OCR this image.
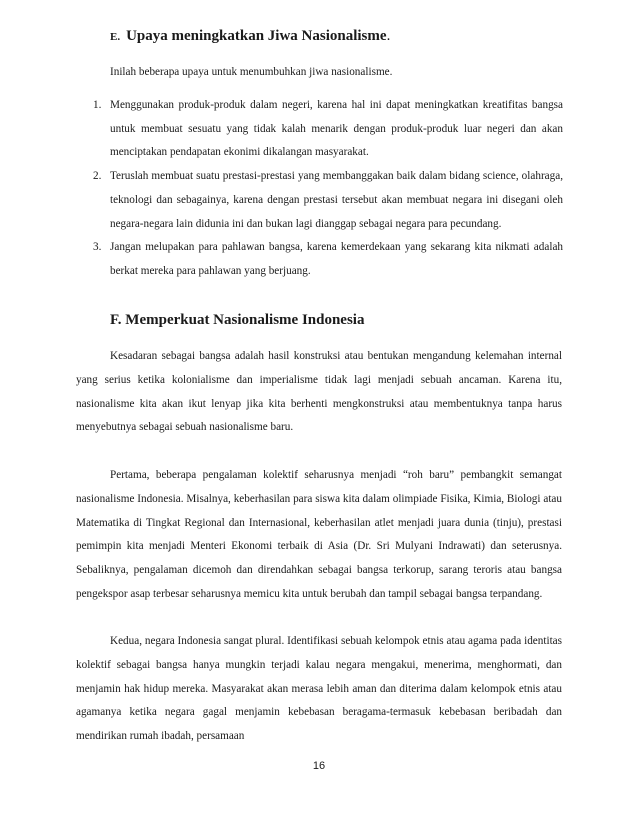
E. Upaya meningkatkan Jiwa Nasionalisme.
Inilah beberapa upaya untuk menumbuhkan jiwa nasionalisme.
1. Menggunakan produk-produk dalam negeri, karena hal ini dapat meningkatkan kreatifitas bangsa untuk membuat sesuatu yang tidak kalah menarik dengan produk-produk luar negeri dan akan menciptakan pendapatan ekonimi dikalangan masyarakat.
2. Teruslah membuat suatu prestasi-prestasi yang membanggakan baik dalam bidang science, olahraga, teknologi dan sebagainya, karena dengan prestasi tersebut akan membuat negara ini disegani oleh negara-negara lain didunia ini dan bukan lagi dianggap sebagai negara para pecundang.
3. Jangan melupakan para pahlawan bangsa, karena kemerdekaan yang sekarang kita nikmati adalah berkat mereka para pahlawan yang berjuang.
F. Memperkuat Nasionalisme Indonesia

Kesadaran sebagai bangsa adalah hasil konstruksi atau bentukan mengandung kelemahan internal yang serius ketika kolonialisme dan imperialisme tidak lagi menjadi sebuah ancaman. Karena itu, nasionalisme kita akan ikut lenyap jika kita berhenti mengkonstruksi atau membentuknya tanpa harus menyebutnya sebagai sebuah nasionalisme baru.

Pertama, beberapa pengalaman kolektif seharusnya menjadi “roh baru” pembangkit semangat nasionalisme Indonesia. Misalnya, keberhasilan para siswa kita dalam olimpiade Fisika, Kimia, Biologi atau Matematika di Tingkat Regional dan Internasional, keberhasilan atlet menjadi juara dunia (tinju), prestasi pemimpin kita menjadi Menteri Ekonomi terbaik di Asia (Dr. Sri Mulyani Indrawati) dan seterusnya. Sebaliknya, pengalaman dicemoh dan direndahkan sebagai bangsa terkorup, sarang teroris atau bangsa pengekspor asap terbesar seharusnya memicu kita untuk berubah dan tampil sebagai bangsa terpandang.

Kedua, negara Indonesia sangat plural. Identifikasi sebuah kelompok etnis atau agama pada identitas kolektif sebagai bangsa hanya mungkin terjadi kalau negara mengakui, menerima, menghormati, dan menjamin hak hidup mereka. Masyarakat akan merasa lebih aman dan diterima dalam kelompok etnis atau agamanya ketika negara gagal menjamin kebebasan beragama-termasuk kebebasan beribadah dan mendirikan rumah ibadah, persamaan

16
